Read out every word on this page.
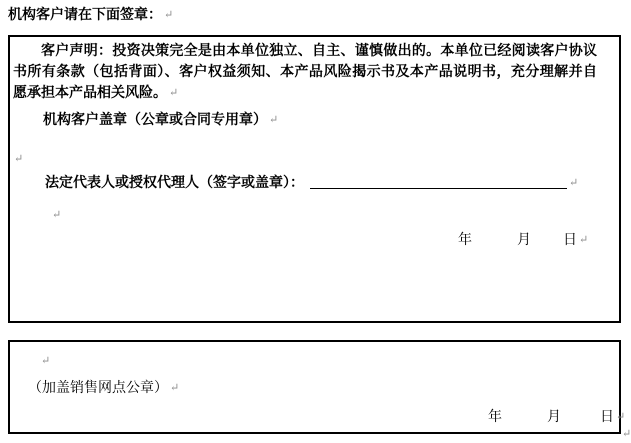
机构客户请在下面签章： ↵
客户声明：投资决策完全是由本单位独立、自主、谨慎做出的。本单位已经阅读客户协议
书所有条款（包括背面）、客户权益须知、本产品风险揭示书及本产品说明书，充分理解并自
愿承担本产品相关风险。 ↵
机构客户盖章（公章或合同专用章） ↵
↵
法定代表人或授权代理人（签字或盖章）：	↵
↵
年	月 日 ↵
↵
（加盖销售网点公章） ↵
年	月	日 ↵
↵
